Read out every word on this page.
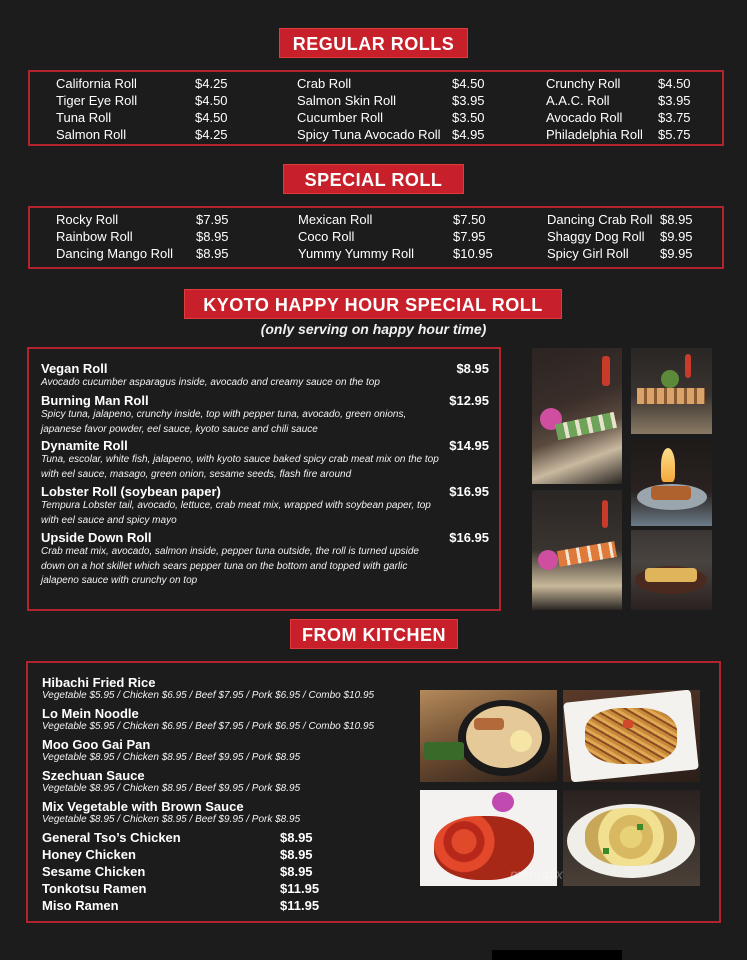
REGULAR ROLLS
California Roll	$4.25
Tiger Eye Roll	$4.50
Tuna Roll	$4.50
Salmon Roll	$4.25
Crab Roll	$4.50
Salmon Skin Roll	$3.95
Cucumber Roll	$3.50
Spicy Tuna Avocado Roll $4.95
Crunchy Roll	$4.50
A.A.C. Roll	$3.95
Avocado Roll	$3.75
Philadelphia Roll $5.75
SPECIAL ROLL
Rocky Roll	$7.95
Rainbow Roll	$8.95
Dancing Mango Roll $8.95
Mexican Roll	$7.50
Coco Roll	$7.95
Yummy Yummy Roll	$10.95
Dancing Crab Roll $8.95
Shaggy Dog Roll $9.95
Spicy Girl Roll $9.95
KYOTO HAPPY HOUR SPECIAL ROLL
(only serving on happy hour time)
Vegan Roll	$8.95
Avocado cucumber asparagus inside, avocado and creamy sauce on the top
Burning Man Roll	$12.95
Spicy tuna, jalapeno, crunchy inside, top with pepper tuna, avocado, green onions, japanese favor powder, eel sauce, kyoto sauce and chili sauce
Dynamite Roll	$14.95
Tuna, escolar, white fish, jalapeno, with kyoto sauce baked spicy crab meat mix on the top with eel sauce, masago, green onion, sesame seeds, flash fire around
Lobster Roll (soybean paper)	$16.95
Tempura Lobster tail, avocado, lettuce, crab meat mix, wrapped with soybean paper, top with eel sauce and spicy mayo
Upside Down Roll	$16.95
Crab meat mix, avocado, salmon inside, pepper tuna outside, the roll is turned upside down on a hot skillet which sears pepper tuna on the bottom and topped with garlic jalapeno sauce with crunchy on top
FROM KITCHEN
Hibachi Fried Rice
Vegetable $5.95 / Chicken $6.95 / Beef $7.95 / Pork $6.95 / Combo $10.95
Lo Mein Noodle
Vegetable $5.95 / Chicken $6.95 / Beef $7.95 / Pork $6.95 / Combo $10.95
Moo Goo Gai Pan
Vegetable $8.95 / Chicken $8.95 / Beef $9.95 / Pork $8.95
Szechuan Sauce
Vegetable $8.95 / Chicken $8.95 / Beef $9.95 / Pork $8.95
Mix Vegetable with Brown Sauce
Vegetable $8.95 / Chicken $8.95 / Beef $9.95 / Pork $8.95
General Tso’s Chicken	$8.95
Honey Chicken	$8.95
Sesame Chicken	$8.95
Tonkotsu Ramen	$11.95
Miso Ramen	$11.95
menupix
